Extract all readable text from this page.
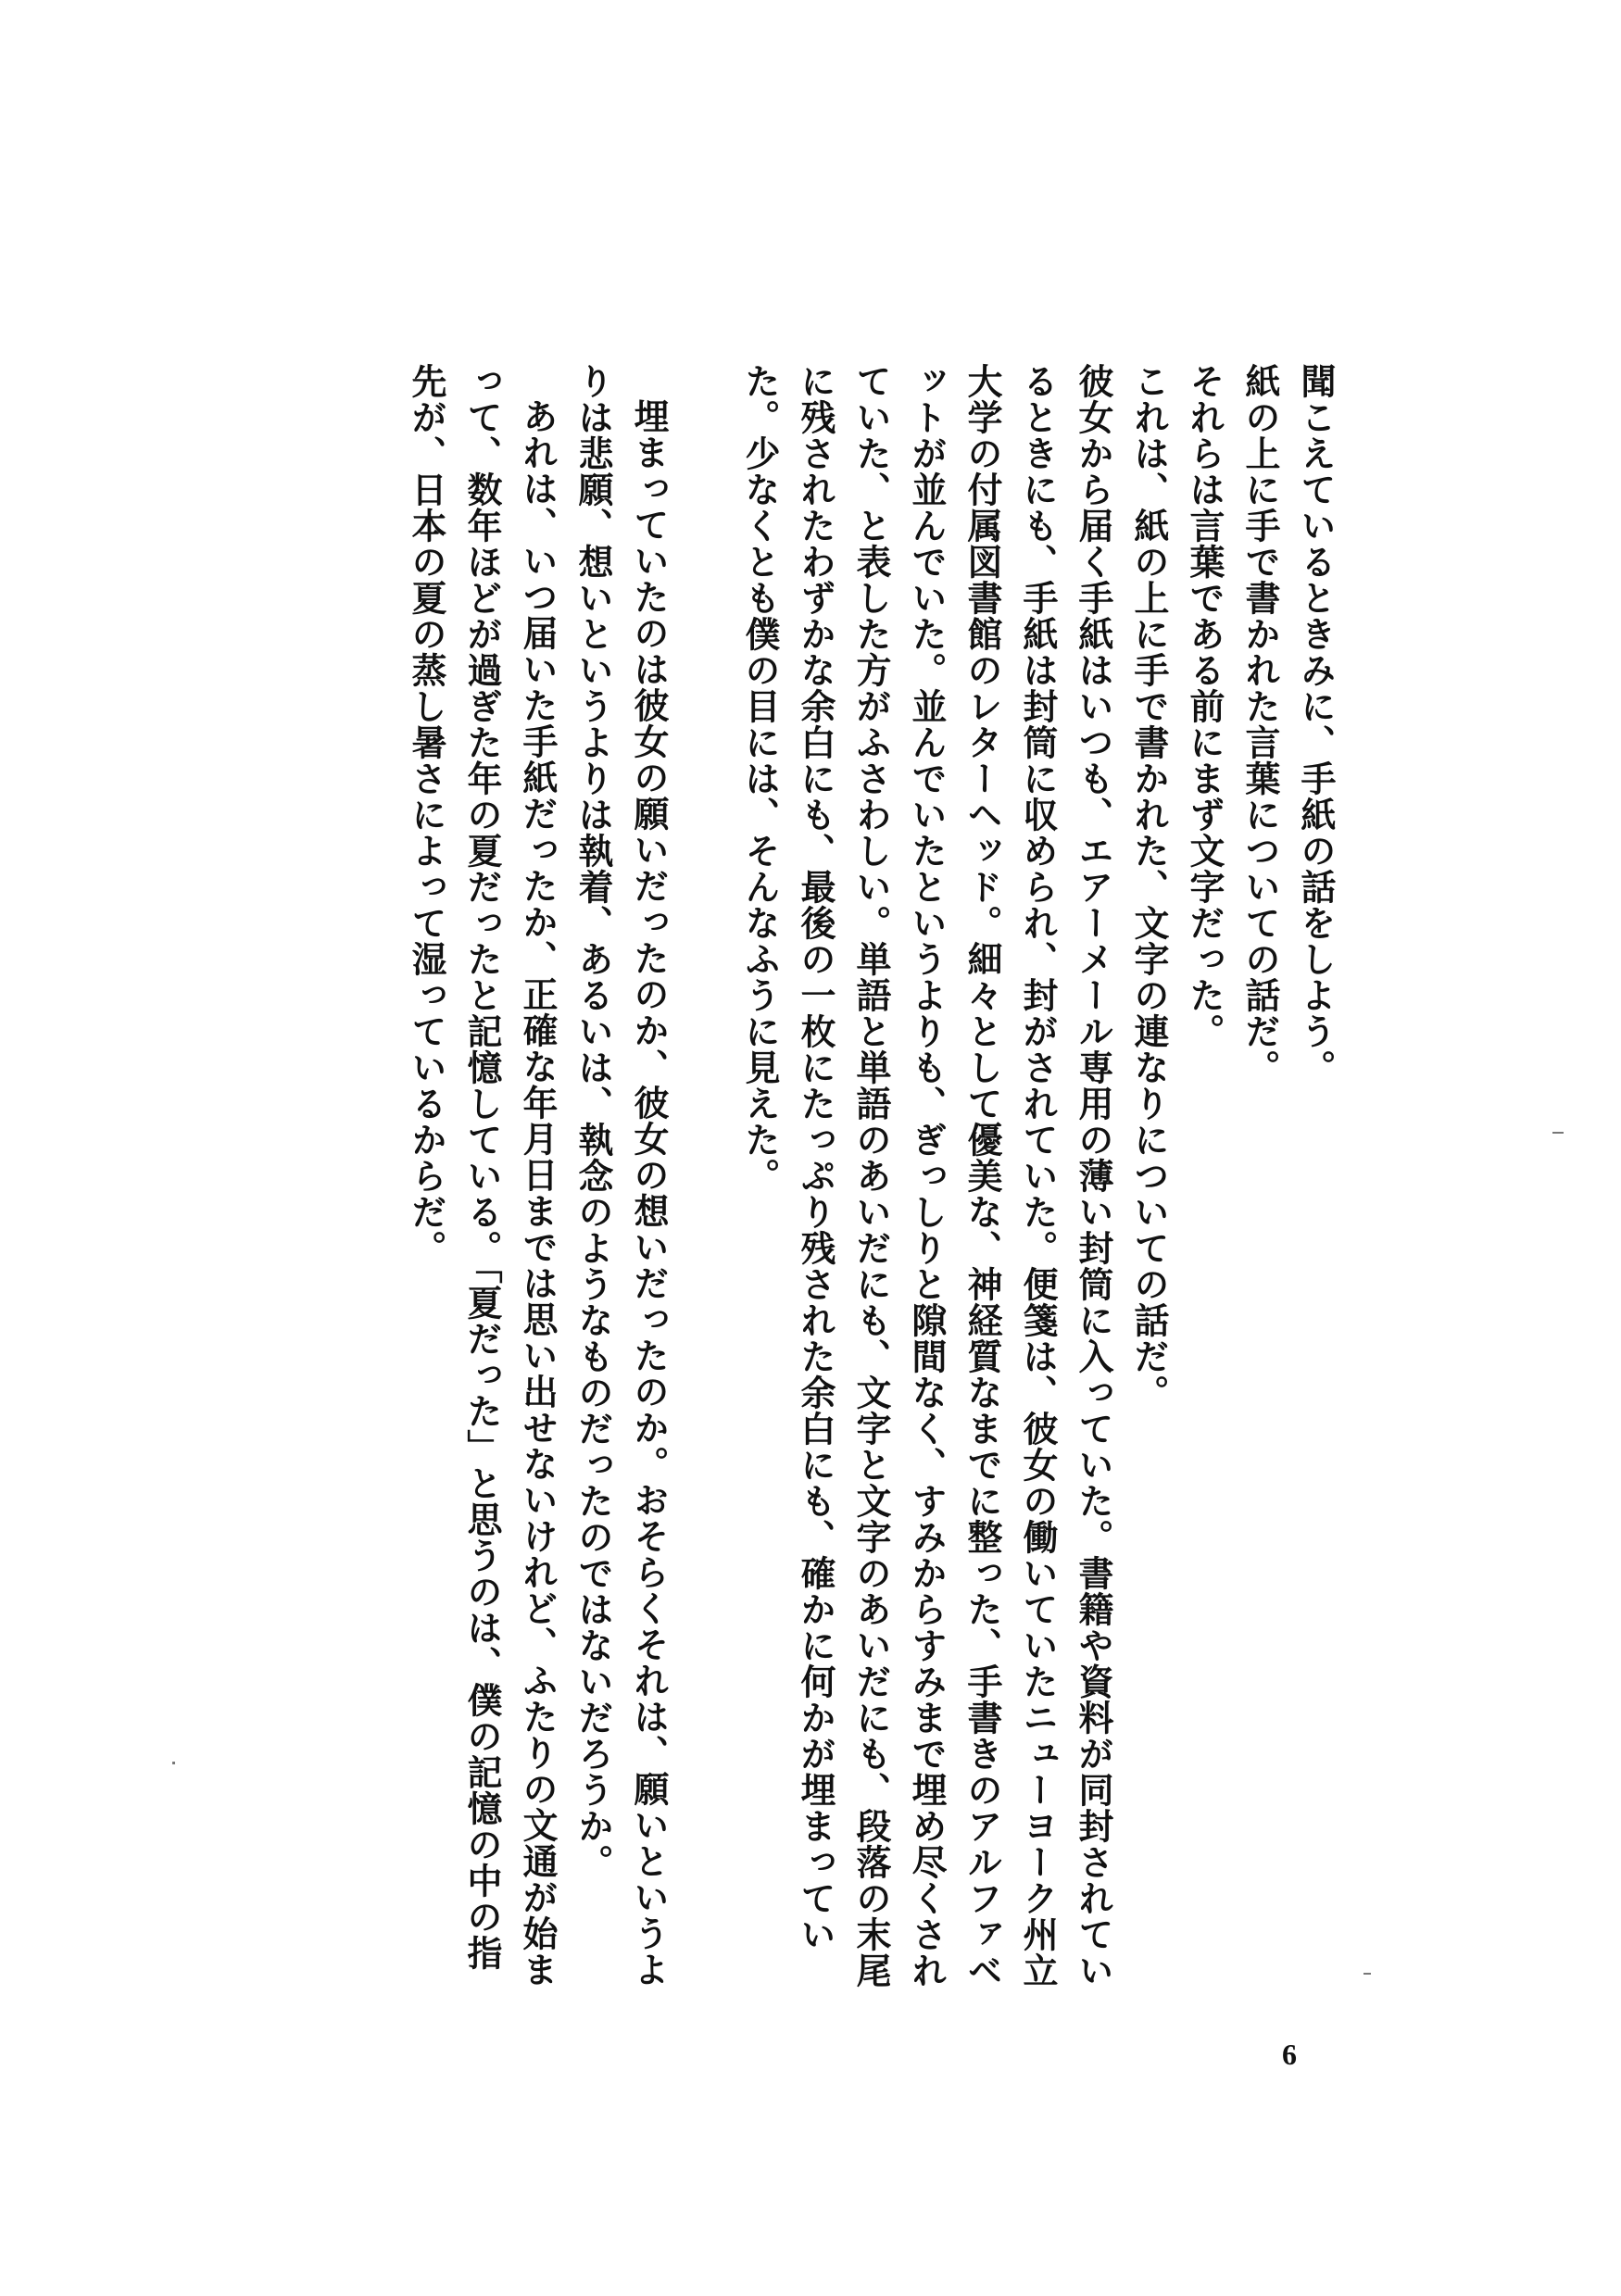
聞こえているときみに、手紙の話をしよう。

紙の上に手で書かれた言葉についての話だ。

それらは言葉である前にまず文字だった。

これは、紙の上に手で書かれた、文字の連なりについての話だ。

彼女から届く手紙はいつも、エアーメール専用の薄い封筒に入っていた。書籍や資料が同封されているときにも、手紙は封筒に収められ、封がされていた。便箋は、彼女の働いていたニューヨーク州立大学の付属図書館のレターヘッド。細々として優美な、神経質なまでに整った、手書きのアルファベットが並んでいた。並んでいたというよりも、ぎっしりと隙間なく、すみからすみまで埋め尽くされていた、と表した方がふさわしい。単語と単語のあいだにも、文字と文字のあいだにも、段落の末尾に残されたわずかな余白にも、最後の一枚にたっぷり残された余白にも、確かに何かが埋まっていた。少なくとも僕の目には、そんなふうに見えた。

埋まっていたのは彼女の願いだったのか、彼女の想いだったのか。おそらくそれは、願いというよりは悲願、想いというよりは執着、あるいは、執念のようなものだったのではないだろうか。

あれは、いつ届いた手紙だったか、正確な年月日までは思い出せないけれど、ふたりの文通が始まって、数年ほどが過ぎた年の夏だったと記憶している。「夏だった」と思うのは、僕の記憶の中の指先が、日本の夏の蒸し暑さによって湿っているからだ。

6
